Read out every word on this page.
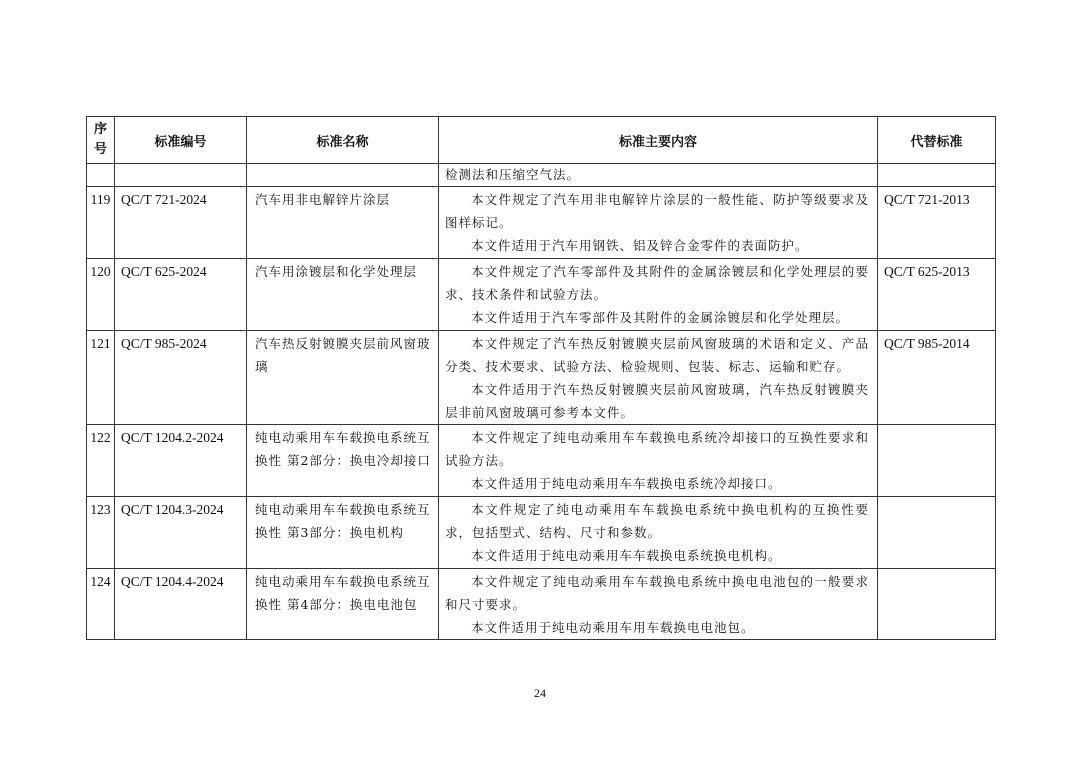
序
号	标准编号	标准名称	标准主要内容	代替标准
			检测法和压缩空气法。	
119	QC/T 721-2024	汽车用非电解锌片涂层	本文件规定了汽车用非电解锌片涂层的一般性能、防护等级要求及图样标记。

本文件适用于汽车用钢铁、铝及锌合金零件的表面防护。	QC/T 721-2013
120	QC/T 625-2024	汽车用涂镀层和化学处理层	本文件规定了汽车零部件及其附件的金属涂镀层和化学处理层的要求、技术条件和试验方法。

本文件适用于汽车零部件及其附件的金属涂镀层和化学处理层。	QC/T 625-2013
121	QC/T 985-2024	汽车热反射镀膜夹层前风窗玻璃	本文件规定了汽车热反射镀膜夹层前风窗玻璃的术语和定义、产品分类、技术要求、试验方法、检验规则、包装、标志、运输和贮存。

本文件适用于汽车热反射镀膜夹层前风窗玻璃，汽车热反射镀膜夹层非前风窗玻璃可参考本文件。	QC/T 985-2014
122	QC/T 1204.2-2024	纯电动乘用车车载换电系统互换性 第2部分：换电冷却接口	本文件规定了纯电动乘用车车载换电系统冷却接口的互换性要求和试验方法。

本文件适用于纯电动乘用车车载换电系统冷却接口。	

123	QC/T 1204.3-2024	纯电动乘用车车载换电系统互换性 第3部分：换电机构	本文件规定了纯电动乘用车车载换电系统中换电机构的互换性要求，包括型式、结构、尺寸和参数。

本文件适用于纯电动乘用车车载换电系统换电机构。	

124	QC/T 1204.4-2024	纯电动乘用车车载换电系统互换性 第4部分：换电电池包	本文件规定了纯电动乘用车车载换电系统中换电电池包的一般要求和尺寸要求。

本文件适用于纯电动乘用车用车载换电电池包。	

24
